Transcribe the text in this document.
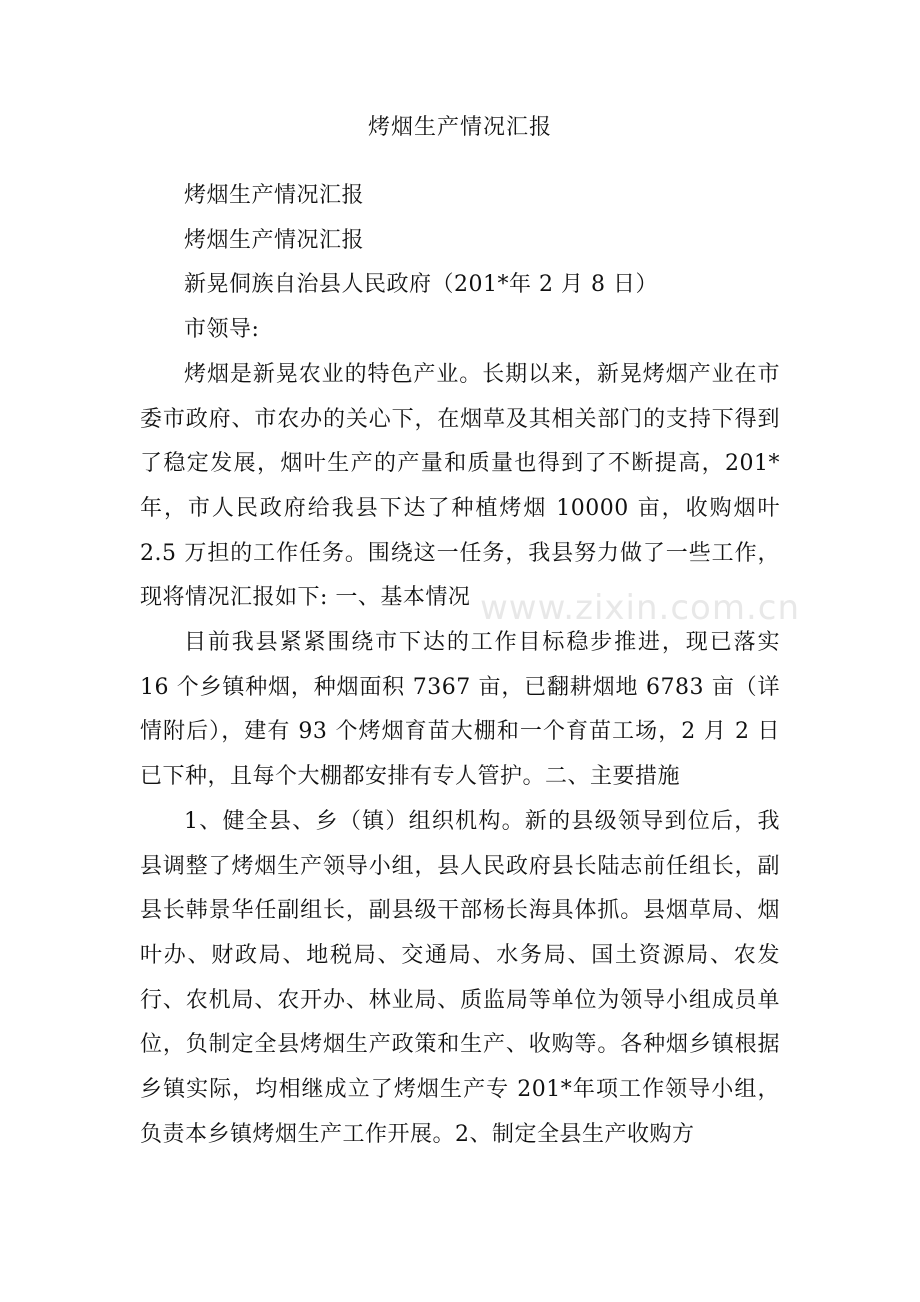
烤烟生产情况汇报

烤烟生产情况汇报

烤烟生产情况汇报

新晃侗族自治县人民政府（201*年 2 月 8 日）

市领导:

烤烟是新晃农业的特色产业。长期以来，新晃烤烟产业在市委市政府、市农办的关心下，在烟草及其相关部门的支持下得到了稳定发展，烟叶生产的产量和质量也得到了不断提高，201*年，市人民政府给我县下达了种植烤烟 10000 亩，收购烟叶 2.5 万担的工作任务。围绕这一任务，我县努力做了一些工作，现将情况汇报如下: 一、基本情况

目前我县紧紧围绕市下达的工作目标稳步推进，现已落实 16 个乡镇种烟，种烟面积 7367 亩，已翻耕烟地 6783 亩（详情附后），建有 93 个烤烟育苗大棚和一个育苗工场，2 月 2 日已下种，且每个大棚都安排有专人管护。二、主要措施

1、健全县、乡（镇）组织机构。新的县级领导到位后，我县调整了烤烟生产领导小组，县人民政府县长陆志前任组长，副县长韩景华任副组长，副县级干部杨长海具体抓。县烟草局、烟叶办、财政局、地税局、交通局、水务局、国土资源局、农发行、农机局、农开办、林业局、质监局等单位为领导小组成员单位，负制定全县烤烟生产政策和生产、收购等。各种烟乡镇根据乡镇实际，均相继成立了烤烟生产专 201*年项工作领导小组，负责本乡镇烤烟生产工作开展。2、制定全县生产收购方

www.zixin.com.cn
